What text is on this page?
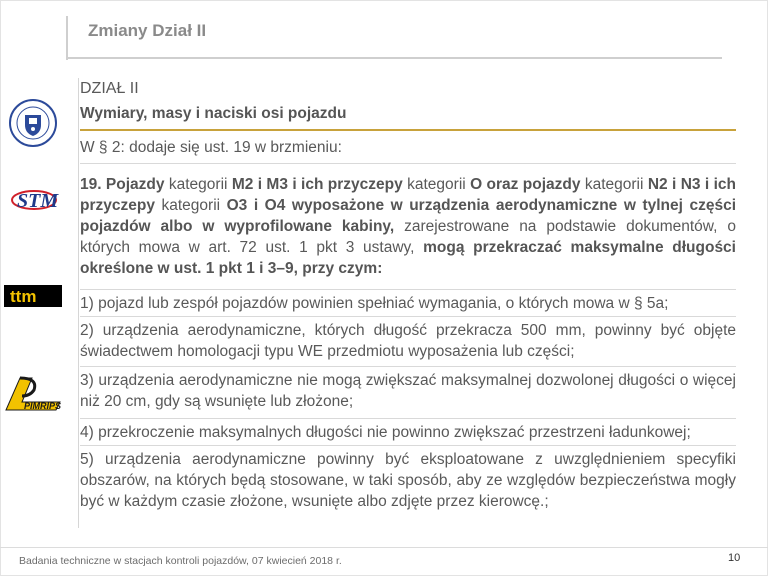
Zmiany Dział II
STM
ttm
PIMRIPS
DZIAŁ II
Wymiary, masy i naciski osi pojazdu
W § 2: dodaje się ust. 19 w brzmieniu:
19. Pojazdy kategorii M2 i M3 i ich przyczepy kategorii O oraz pojazdy kategorii N2 i N3 i ich przyczepy kategorii O3 i O4 wyposażone w urządzenia aerodynamiczne w tylnej części pojazdów albo w wyprofilowane kabiny, zarejestrowane na podstawie dokumentów, o których mowa w art. 72 ust. 1 pkt 3 ustawy, mogą przekraczać maksymalne długości określone w ust. 1 pkt 1 i 3–9, przy czym:
1) pojazd lub zespół pojazdów powinien spełniać wymagania, o których mowa w § 5a;
2) urządzenia aerodynamiczne, których długość przekracza 500 mm, powinny być objęte świadectwem homologacji typu WE przedmiotu wyposażenia lub części;
3) urządzenia aerodynamiczne nie mogą zwiększać maksymalnej dozwolonej długości o więcej niż 20 cm, gdy są wsunięte lub złożone;
4) przekroczenie maksymalnych długości nie powinno zwiększać przestrzeni ładunkowej;
5) urządzenia aerodynamiczne powinny być eksploatowane z uwzględnieniem specyfiki obszarów, na których będą stosowane, w taki sposób, aby ze względów bezpieczeństwa mogły być w każdym czasie złożone, wsunięte albo zdjęte przez kierowcę.;
Badania techniczne w stacjach kontroli pojazdów, 07 kwiecień 2018 r.	10
